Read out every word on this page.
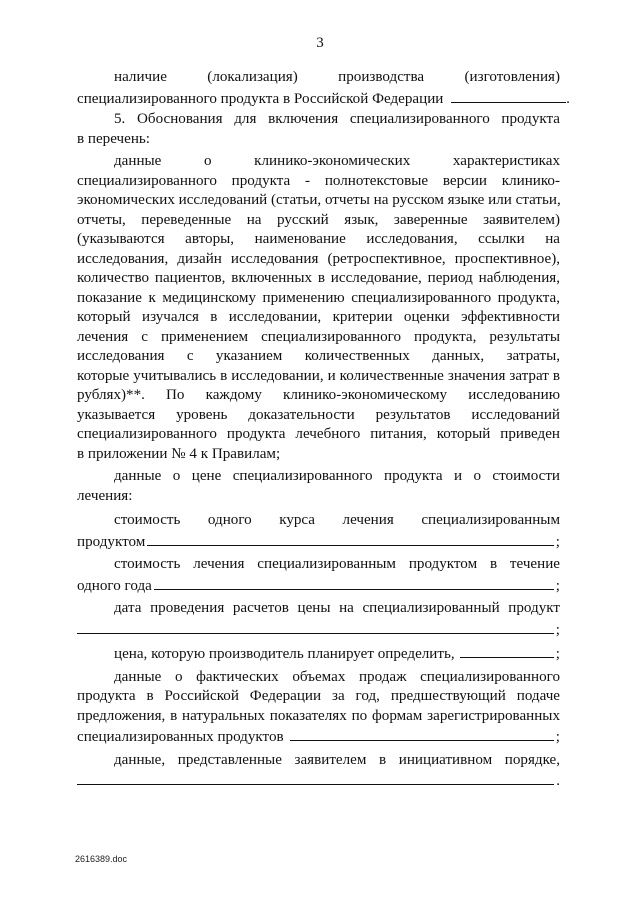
3
наличие (локализация) производства (изготовления)
специализированного продукта в Российской Федерации	.
5. Обоснования для включения специализированного продукта
в перечень:
данные о клинико-экономических характеристиках
специализированного продукта - полнотекстовые версии клинико-
экономических исследований (статьи, отчеты на русском языке или статьи,
отчеты, переведенные на русский язык, заверенные заявителем)
(указываются авторы, наименование исследования, ссылки на
исследования, дизайн исследования (ретроспективное, проспективное),
количество пациентов, включенных в исследование, период наблюдения,
показание к медицинскому применению специализированного продукта,
который изучался в исследовании, критерии оценки эффективности
лечения с применением специализированного продукта, результаты
исследования с указанием количественных данных, затраты,
которые учитывались в исследовании, и количественные значения затрат в
рублях)**. По каждому клинико-экономическому исследованию
указывается уровень доказательности результатов исследований
специализированного продукта лечебного питания, который приведен
в приложении № 4 к Правилам;
данные о цене специализированного продукта и о стоимости
лечения:
стоимость одного курса лечения специализированным
продуктом	;
стоимость лечения специализированным продуктом в течение
одного года	;
дата проведения расчетов цены на специализированный продукт
;
цена, которую производитель планирует определить,	;
данные о фактических объемах продаж специализированного
продукта в Российской Федерации за год, предшествующий подаче
предложения, в натуральных показателях по формам зарегистрированных
специализированных продуктов	;
данные, представленные заявителем в инициативном порядке,
.
2616389.doc
